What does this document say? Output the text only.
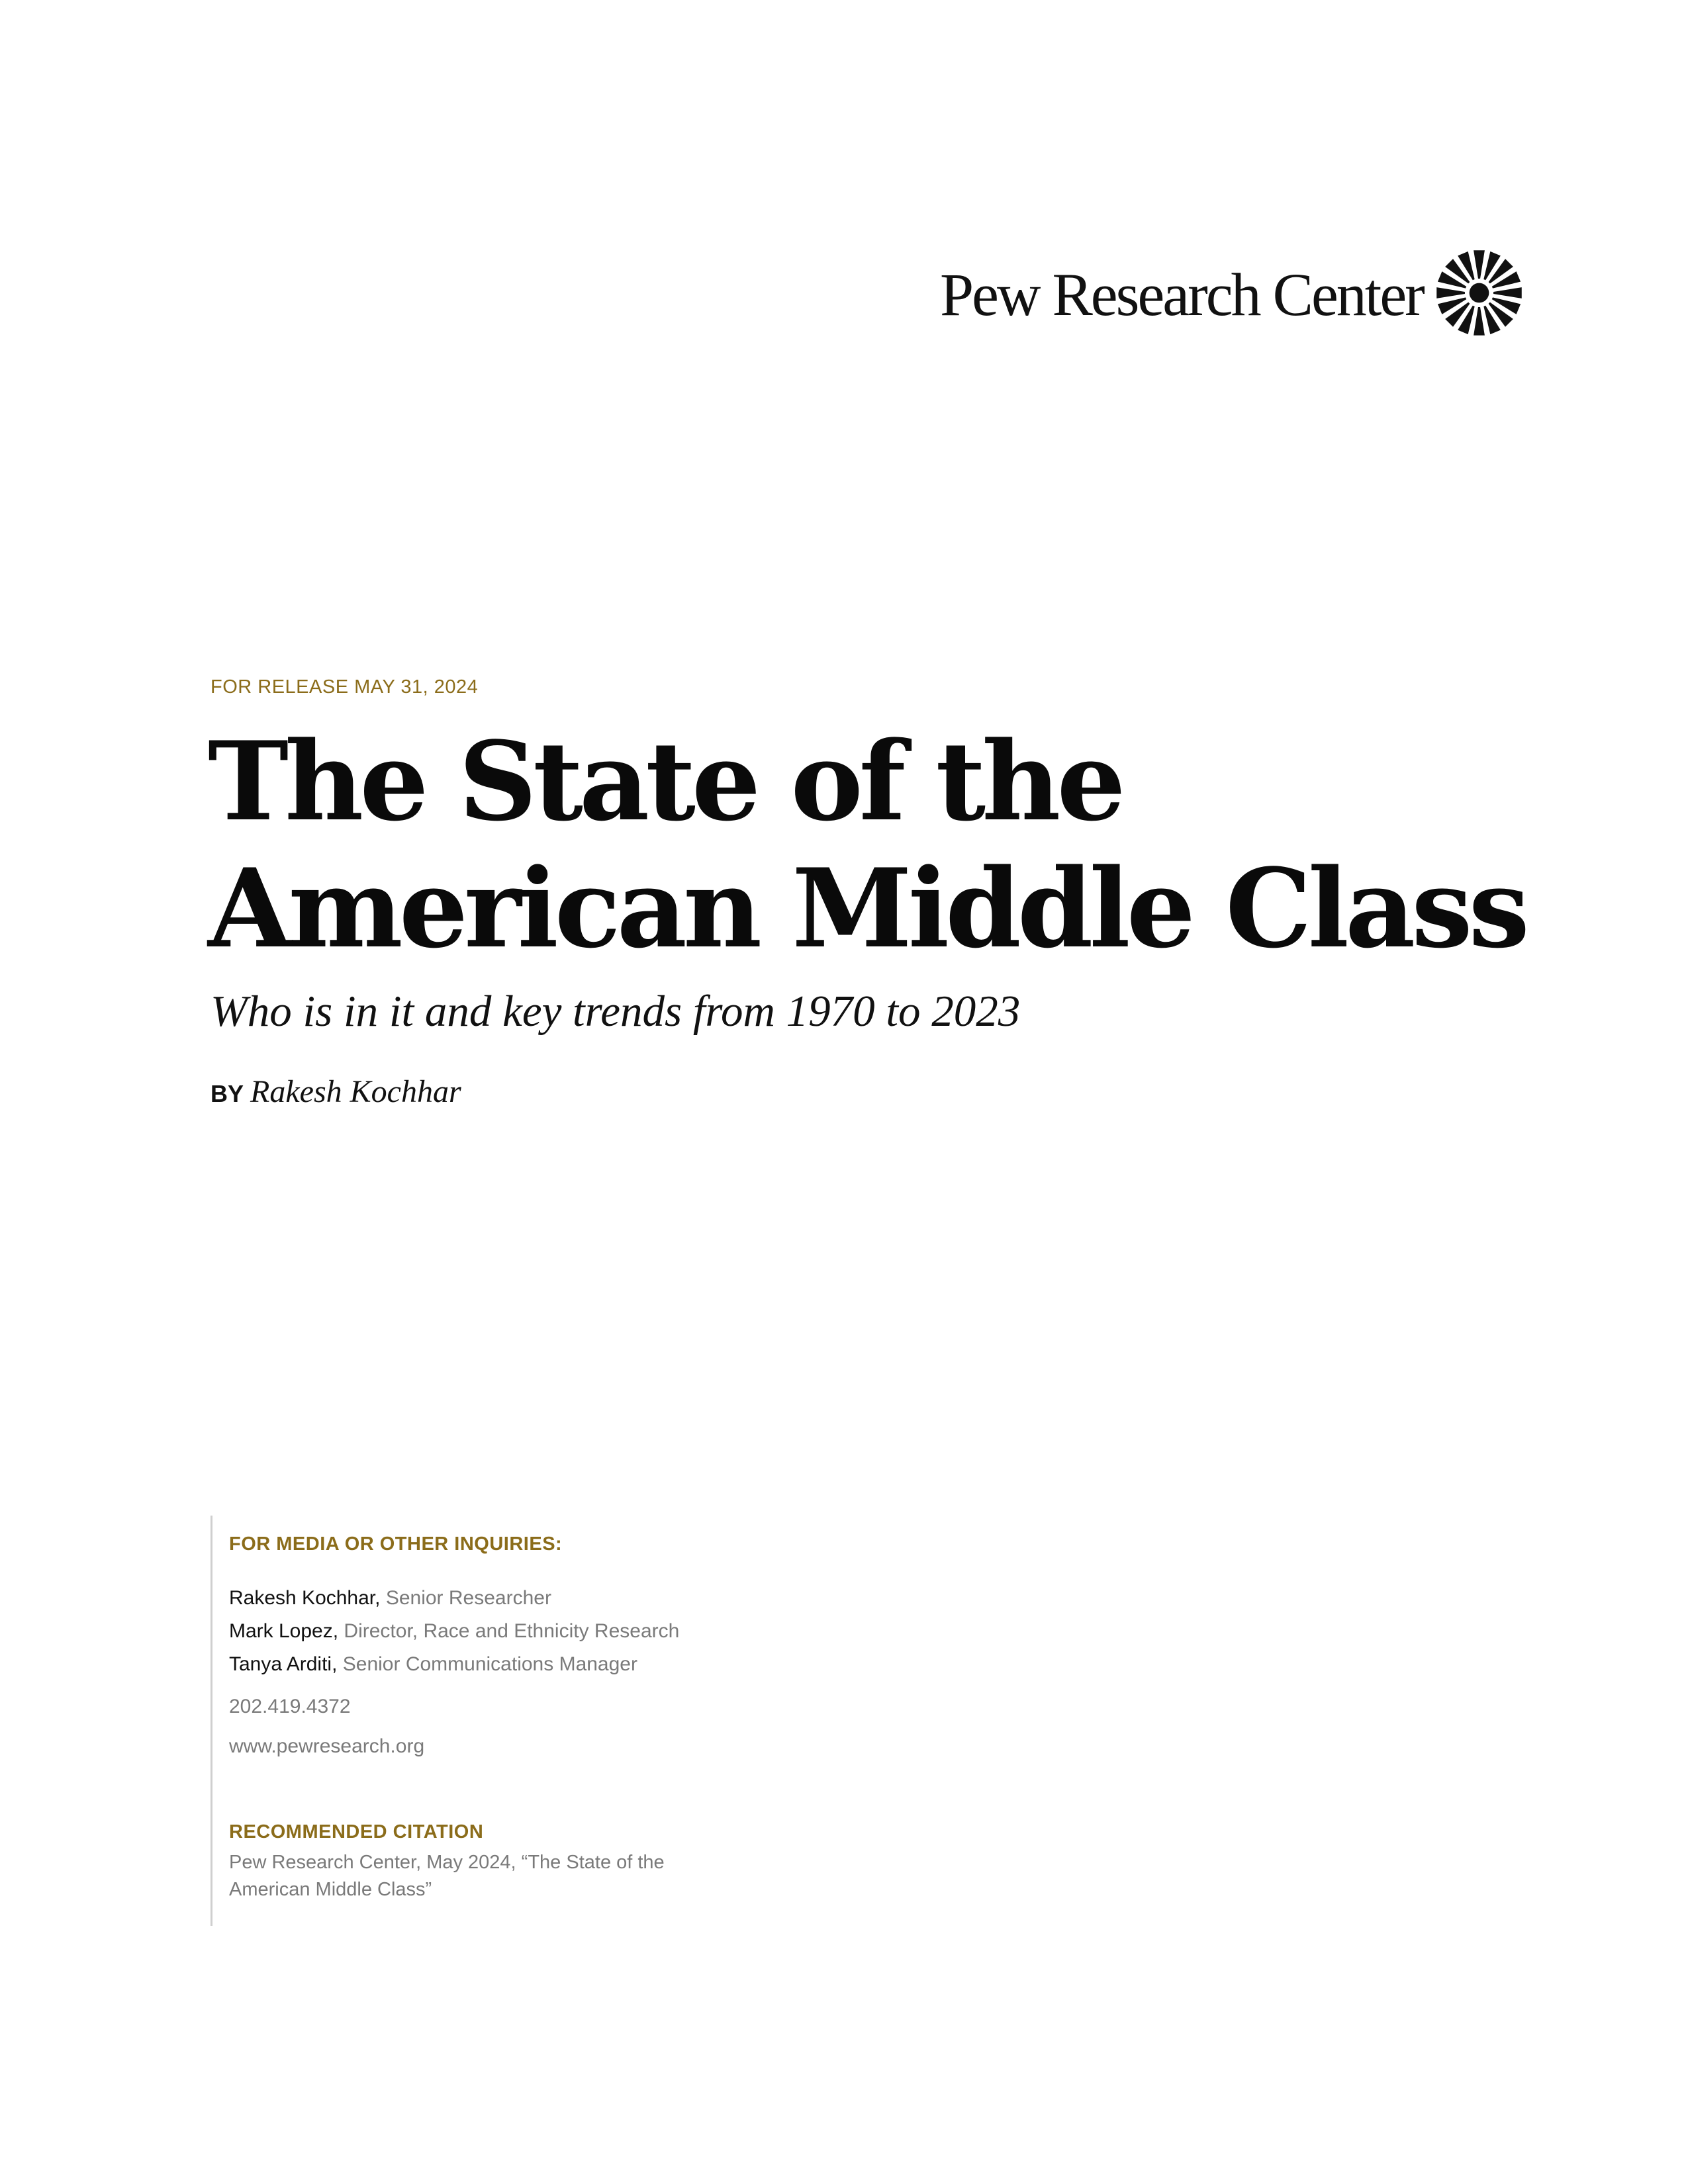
Pew Research Center
FOR RELEASE MAY 31, 2024
The State of the
American Middle Class
Who is in it and key trends from 1970 to 2023
BY Rakesh Kochhar
FOR MEDIA OR OTHER INQUIRIES:
Rakesh Kochhar, Senior Researcher
Mark Lopez, Director, Race and Ethnicity Research
Tanya Arditi, Senior Communications Manager
202.419.4372
www.pewresearch.org
RECOMMENDED CITATION
Pew Research Center, May 2024, “The State of the American Middle Class”
